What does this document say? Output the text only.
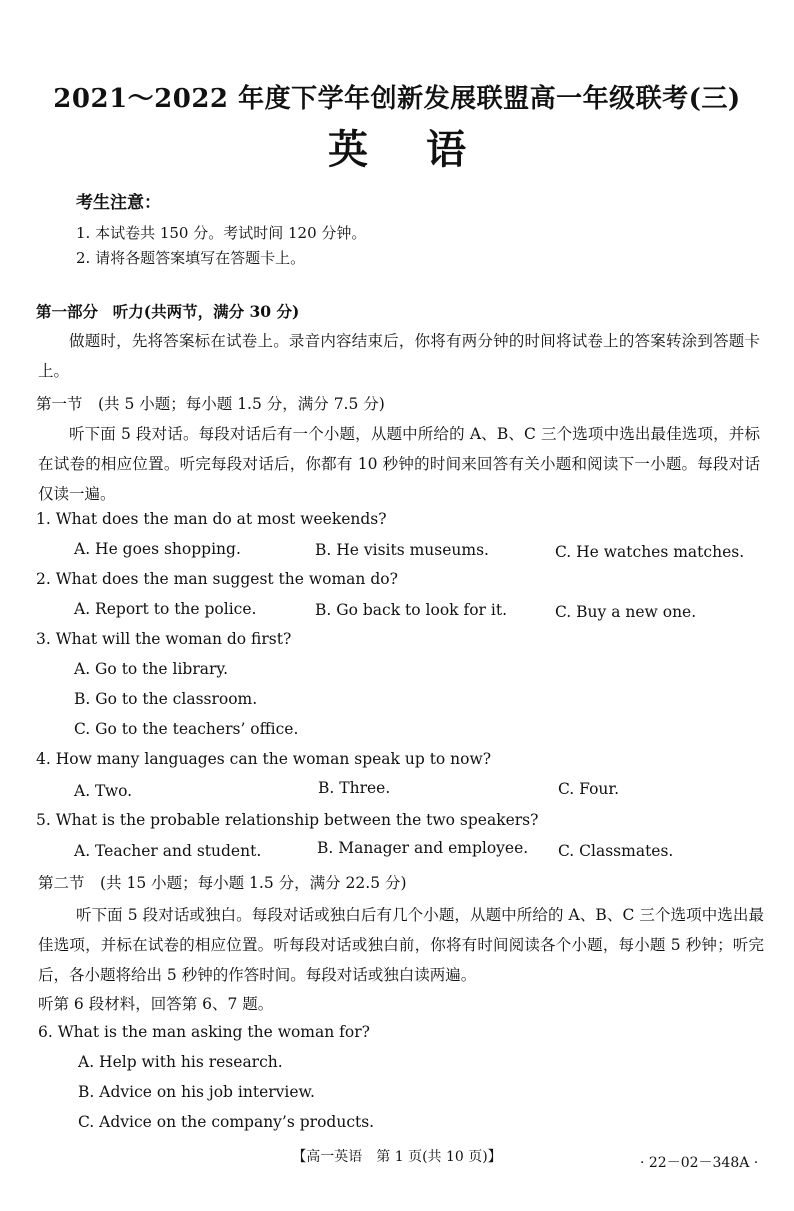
2021～2022 年度下学年创新发展联盟高一年级联考(三)
英语
考生注意：
1. 本试卷共 150 分。考试时间 120 分钟。
2. 请将各题答案填写在答题卡上。
第一部分 听力(共两节，满分 30 分)
做题时，先将答案标在试卷上。录音内容结束后，你将有两分钟的时间将试卷上的答案转涂到答题卡上。
第一节　(共 5 小题；每小题 1.5 分，满分 7.5 分)
听下面 5 段对话。每段对话后有一个小题，从题中所给的 A、B、C 三个选项中选出最佳选项，并标在试卷的相应位置。听完每段对话后，你都有 10 秒钟的时间来回答有关小题和阅读下一小题。每段对话仅读一遍。
1. What does the man do at most weekends?
A. He goes shopping.	B. He visits museums.	C. He watches matches.
2. What does the man suggest the woman do?
A. Report to the police.	B. Go back to look for it.	C. Buy a new one.
3. What will the woman do first?
A. Go to the library.
B. Go to the classroom.
C. Go to the teachers’ office.
4. How many languages can the woman speak up to now?
A. Two.	B. Three.	C. Four.
5. What is the probable relationship between the two speakers?
A. Teacher and student.	B. Manager and employee. C. Classmates.
第二节　(共 15 小题；每小题 1.5 分，满分 22.5 分)
听下面 5 段对话或独白。每段对话或独白后有几个小题，从题中所给的 A、B、C 三个选项中选出最佳选项，并标在试卷的相应位置。听每段对话或独白前，你将有时间阅读各个小题，每小题 5 秒钟；听完后，各小题将给出 5 秒钟的作答时间。每段对话或独白读两遍。
听第 6 段材料，回答第 6、7 题。
6. What is the man asking the woman for?
A. Help with his research.
B. Advice on his job interview.
C. Advice on the company’s products.
【高一英语　第 1 页(共 10 页)】	· 22－02－348A ·
